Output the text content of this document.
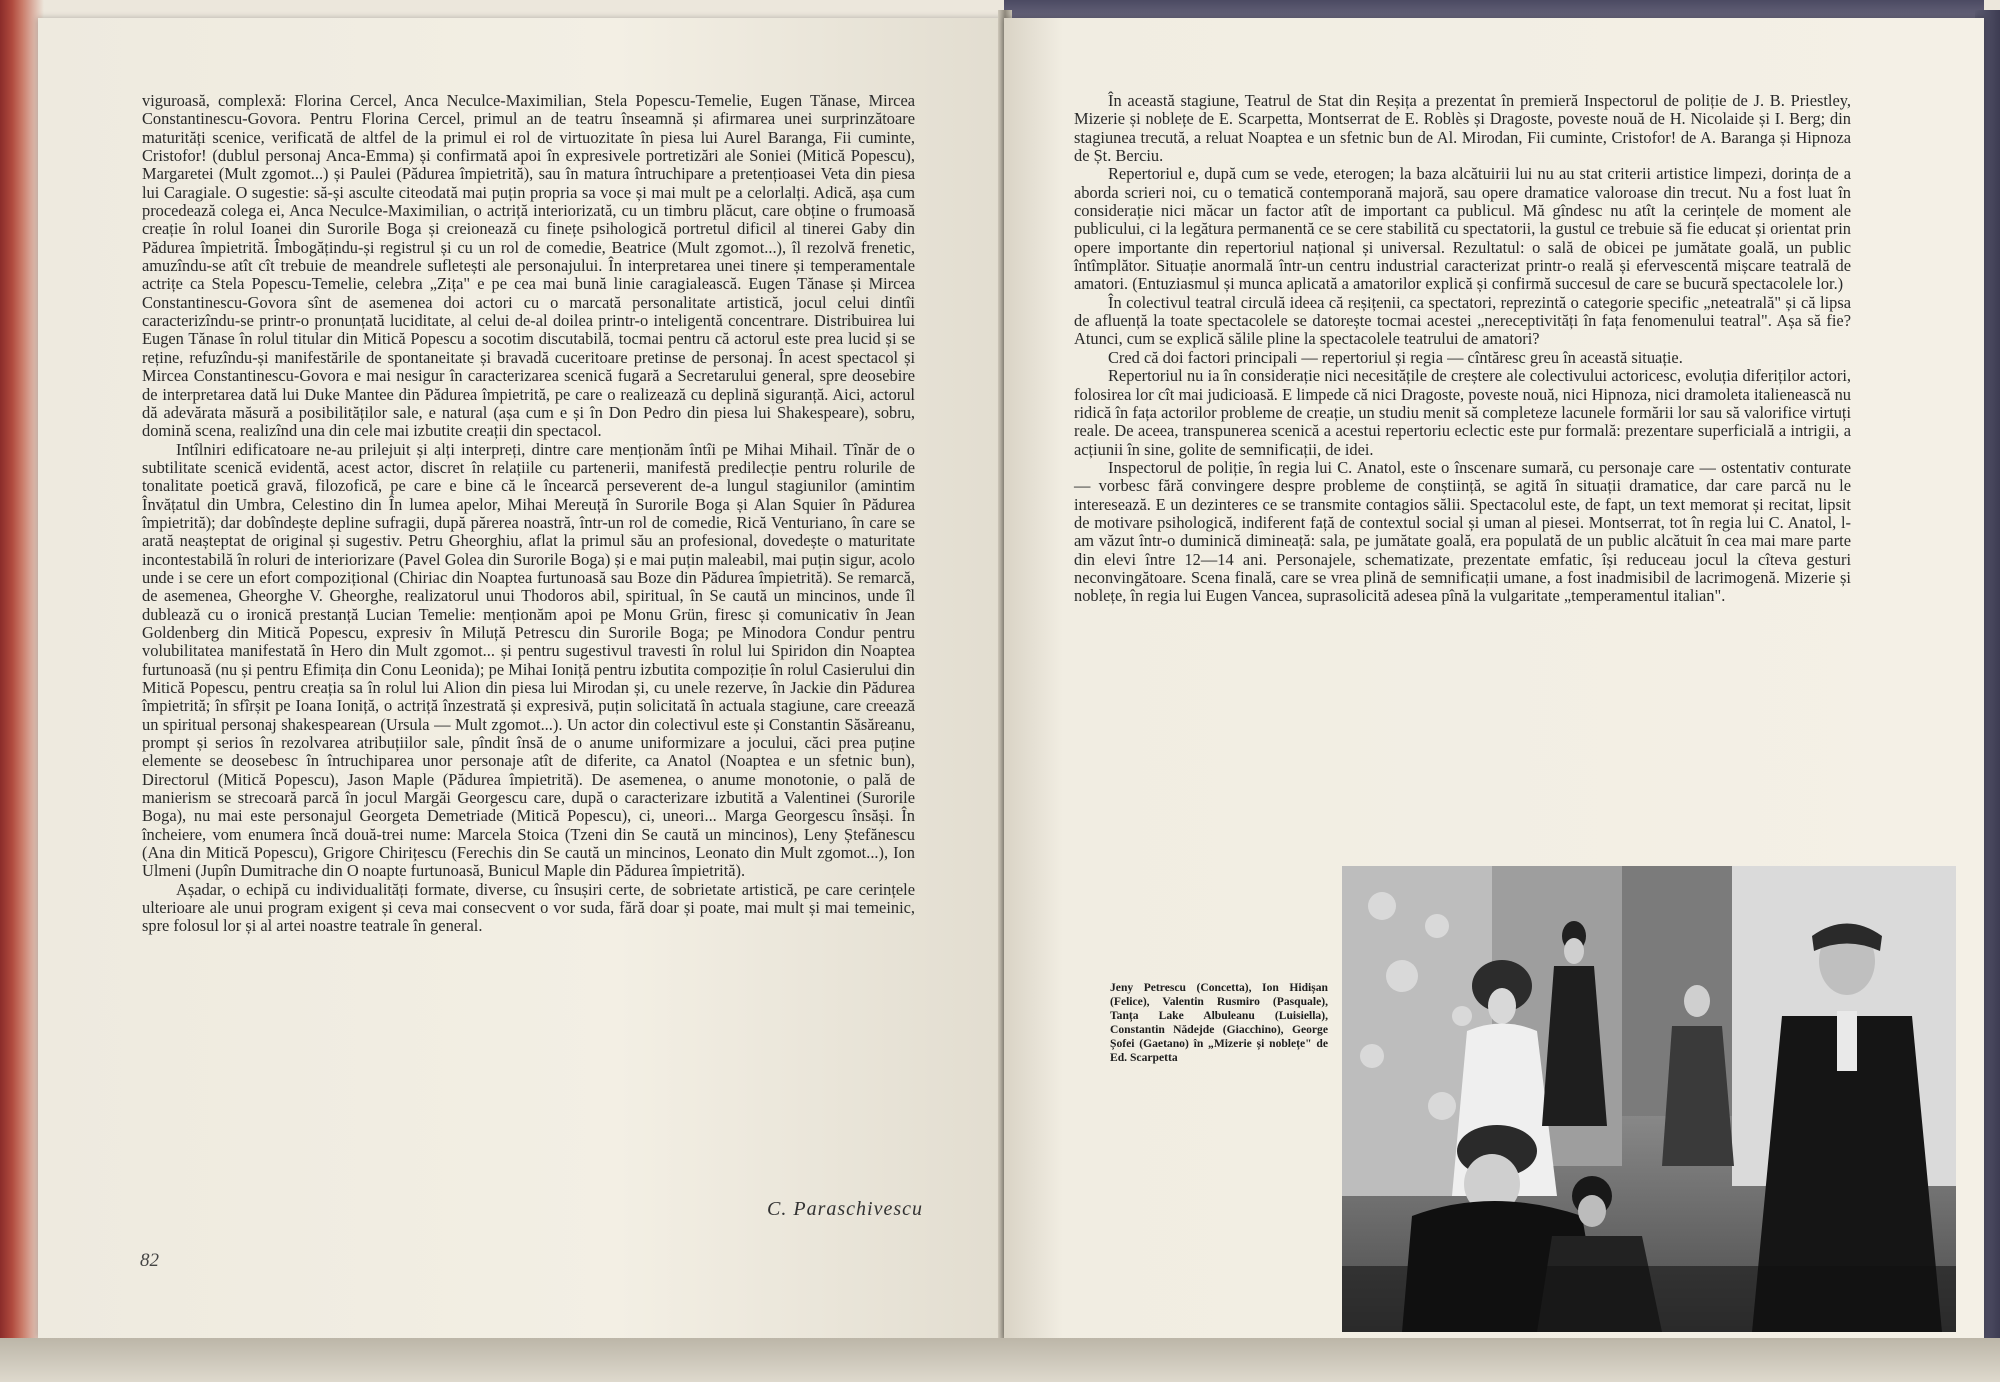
viguroasă, complexă: Florina Cercel, Anca Neculce-Maximilian, Stela Popescu-Temelie, Eugen Tănase, Mircea Constantinescu-Govora. Pentru Florina Cercel, primul an de teatru înseamnă și afirmarea unei surprinzătoare maturități scenice, verificată de altfel de la primul ei rol de virtuozitate în piesa lui Aurel Baranga, Fii cuminte, Cristofor! (dublul personaj Anca-Emma) și confirmată apoi în expresivele portretizări ale Soniei (Mitică Popescu), Margaretei (Mult zgomot...) și Paulei (Pădurea împietrită), sau în matura întruchipare a pretențioasei Veta din piesa lui Caragiale. O sugestie: să-și asculte citeodată mai puțin propria sa voce și mai mult pe a celorlalți. Adică, așa cum procedează colega ei, Anca Neculce-Maximilian, o actriță interiorizată, cu un timbru plăcut, care obține o frumoasă creație în rolul Ioanei din Surorile Boga și creionează cu finețe psihologică portretul dificil al tinerei Gaby din Pădurea împietrită. Îmbogățindu-și registrul și cu un rol de comedie, Beatrice (Mult zgomot...), îl rezolvă frenetic, amuzîndu-se atît cît trebuie de meandrele sufletești ale personajului. În interpretarea unei tinere și temperamentale actrițe ca Stela Popescu-Temelie, celebra „Zița" e pe cea mai bună linie caragialească. Eugen Tănase și Mircea Constantinescu-Govora sînt de asemenea doi actori cu o marcată personalitate artistică, jocul celui dintîi caracterizîndu-se printr-o pronunțată luciditate, al celui de-al doilea printr-o inteligentă concentrare. Distribuirea lui Eugen Tănase în rolul titular din Mitică Popescu a socotim discutabilă, tocmai pentru că actorul este prea lucid și se reține, refuzîndu-și manifestările de spontaneitate și bravadă cuceritoare pretinse de personaj. În acest spectacol și Mircea Constantinescu-Govora e mai nesigur în caracterizarea scenică fugară a Secretarului general, spre deosebire de interpretarea dată lui Duke Mantee din Pădurea împietrită, pe care o realizează cu deplină siguranță. Aici, actorul dă adevărata măsură a posibilităților sale, e natural (așa cum e și în Don Pedro din piesa lui Shakespeare), sobru, domină scena, realizînd una din cele mai izbutite creații din spectacol.

Intîlniri edificatoare ne-au prilejuit și alți interpreți, dintre care menționăm întîi pe Mihai Mihail. Tînăr de o subtilitate scenică evidentă, acest actor, discret în relațiile cu partenerii, manifestă predilecție pentru rolurile de tonalitate poetică gravă, filozofică, pe care e bine că le încearcă perseverent de-a lungul stagiunilor (amintim Învățatul din Umbra, Celestino din În lumea apelor, Mihai Mereuță în Surorile Boga și Alan Squier în Pădurea împietrită); dar dobîndește depline sufragii, după părerea noastră, într-un rol de comedie, Rică Venturiano, în care se arată neașteptat de original și sugestiv. Petru Gheorghiu, aflat la primul său an profesional, dovedește o maturitate incontestabilă în roluri de interiorizare (Pavel Golea din Surorile Boga) și e mai puțin maleabil, mai puțin sigur, acolo unde i se cere un efort compozițional (Chiriac din Noaptea furtunoasă sau Boze din Pădurea împietrită). Se remarcă, de asemenea, Gheorghe V. Gheorghe, realizatorul unui Thodoros abil, spiritual, în Se caută un mincinos, unde îl dublează cu o ironică prestanță Lucian Temelie: menționăm apoi pe Monu Grün, firesc și comunicativ în Jean Goldenberg din Mitică Popescu, expresiv în Miluță Petrescu din Surorile Boga; pe Minodora Condur pentru volubilitatea manifestată în Hero din Mult zgomot... și pentru sugestivul travesti în rolul lui Spiridon din Noaptea furtunoasă (nu și pentru Efimița din Conu Leonida); pe Mihai Ioniță pentru izbutita compoziție în rolul Casierului din Mitică Popescu, pentru creația sa în rolul lui Alion din piesa lui Mirodan și, cu unele rezerve, în Jackie din Pădurea împietrită; în sfîrșit pe Ioana Ioniță, o actriță înzestrată și expresivă, puțin solicitată în actuala stagiune, care creează un spiritual personaj shakespearean (Ursula — Mult zgomot...). Un actor din colectivul este și Constantin Săsăreanu, prompt și serios în rezolvarea atribuțiilor sale, pîndit însă de o anume uniformizare a jocului, căci prea puține elemente se deosebesc în întruchiparea unor personaje atît de diferite, ca Anatol (Noaptea e un sfetnic bun), Directorul (Mitică Popescu), Jason Maple (Pădurea împietrită). De asemenea, o anume monotonie, o pală de manierism se strecoară parcă în jocul Margăi Georgescu care, după o caracterizare izbutită a Valentinei (Surorile Boga), nu mai este personajul Georgeta Demetriade (Mitică Popescu), ci, uneori... Marga Georgescu însăși. În încheiere, vom enumera încă două-trei nume: Marcela Stoica (Tzeni din Se caută un mincinos), Leny Ștefănescu (Ana din Mitică Popescu), Grigore Chirițescu (Ferechis din Se caută un mincinos, Leonato din Mult zgomot...), Ion Ulmeni (Jupîn Dumitrache din O noapte furtunoasă, Bunicul Maple din Pădurea împietrită).

Așadar, o echipă cu individualități formate, diverse, cu însușiri certe, de sobrietate artistică, pe care cerințele ulterioare ale unui program exigent și ceva mai consecvent o vor suda, fără doar și poate, mai mult și mai temeinic, spre folosul lor și al artei noastre teatrale în general.

C. Paraschivescu
82

În această stagiune, Teatrul de Stat din Reșița a prezentat în premieră Inspectorul de poliție de J. B. Priestley, Mizerie și noblețe de E. Scarpetta, Montserrat de E. Roblès și Dragoste, poveste nouă de H. Nicolaide și I. Berg; din stagiunea trecută, a reluat Noaptea e un sfetnic bun de Al. Mirodan, Fii cuminte, Cristofor! de A. Baranga și Hipnoza de Șt. Berciu.

Repertoriul e, după cum se vede, eterogen; la baza alcătuirii lui nu au stat criterii artistice limpezi, dorința de a aborda scrieri noi, cu o tematică contemporană majoră, sau opere dramatice valoroase din trecut. Nu a fost luat în considerație nici măcar un factor atît de important ca publicul. Mă gîndesc nu atît la cerințele de moment ale publicului, ci la legătura permanentă ce se cere stabilită cu spectatorii, la gustul ce trebuie să fie educat și orientat prin opere importante din repertoriul național și universal. Rezultatul: o sală de obicei pe jumătate goală, un public întîmplător. Situație anormală într-un centru industrial caracterizat printr-o reală și efervescentă mișcare teatrală de amatori. (Entuziasmul și munca aplicată a amatorilor explică și confirmă succesul de care se bucură spectacolele lor.)

În colectivul teatral circulă ideea că reșițenii, ca spectatori, reprezintă o categorie specific „neteatrală" și că lipsa de afluență la toate spectacolele se datorește tocmai acestei „nereceptivități în fața fenomenului teatral". Așa să fie? Atunci, cum se explică sălile pline la spectacolele teatrului de amatori?

Cred că doi factori principali — repertoriul și regia — cîntăresc greu în această situație.

Repertoriul nu ia în considerație nici necesitățile de creștere ale colectivului actoricesc, evoluția diferiților actori, folosirea lor cît mai judicioasă. E limpede că nici Dragoste, poveste nouă, nici Hipnoza, nici dramoleta italienească nu ridică în fața actorilor probleme de creație, un studiu menit să completeze lacunele formării lor sau să valorifice virtuți reale. De aceea, transpunerea scenică a acestui repertoriu eclectic este pur formală: prezentare superficială a intrigii, a acțiunii în sine, golite de semnificații, de idei.

Inspectorul de poliție, în regia lui C. Anatol, este o înscenare sumară, cu personaje care — ostentativ conturate — vorbesc fără convingere despre probleme de conștiință, se agită în situații dramatice, dar care parcă nu le interesează. E un dezinteres ce se transmite contagios sălii. Spectacolul este, de fapt, un text memorat și recitat, lipsit de motivare psihologică, indiferent față de contextul social și uman al piesei. Montserrat, tot în regia lui C. Anatol, l-am văzut într-o duminică dimineață: sala, pe jumătate goală, era populată de un public alcătuit în cea mai mare parte din elevi între 12—14 ani. Personajele, schematizate, prezentate emfatic, își reduceau jocul la cîteva gesturi neconvingătoare. Scena finală, care se vrea plină de semnificații umane, a fost inadmisibil de lacrimogenă. Mizerie și noblețe, în regia lui Eugen Vancea, suprasolicită adesea pînă la vulgaritate „temperamentul italian".

Jeny Petrescu (Concetta), Ion Hidișan (Felice), Valentin Rusmiro (Pasquale), Tanța Lake Albuleanu (Luisiella), Constantin Nădejde (Giacchino), George Șofei (Gaetano) în „Mizerie și noblețe" de Ed. Scarpetta
